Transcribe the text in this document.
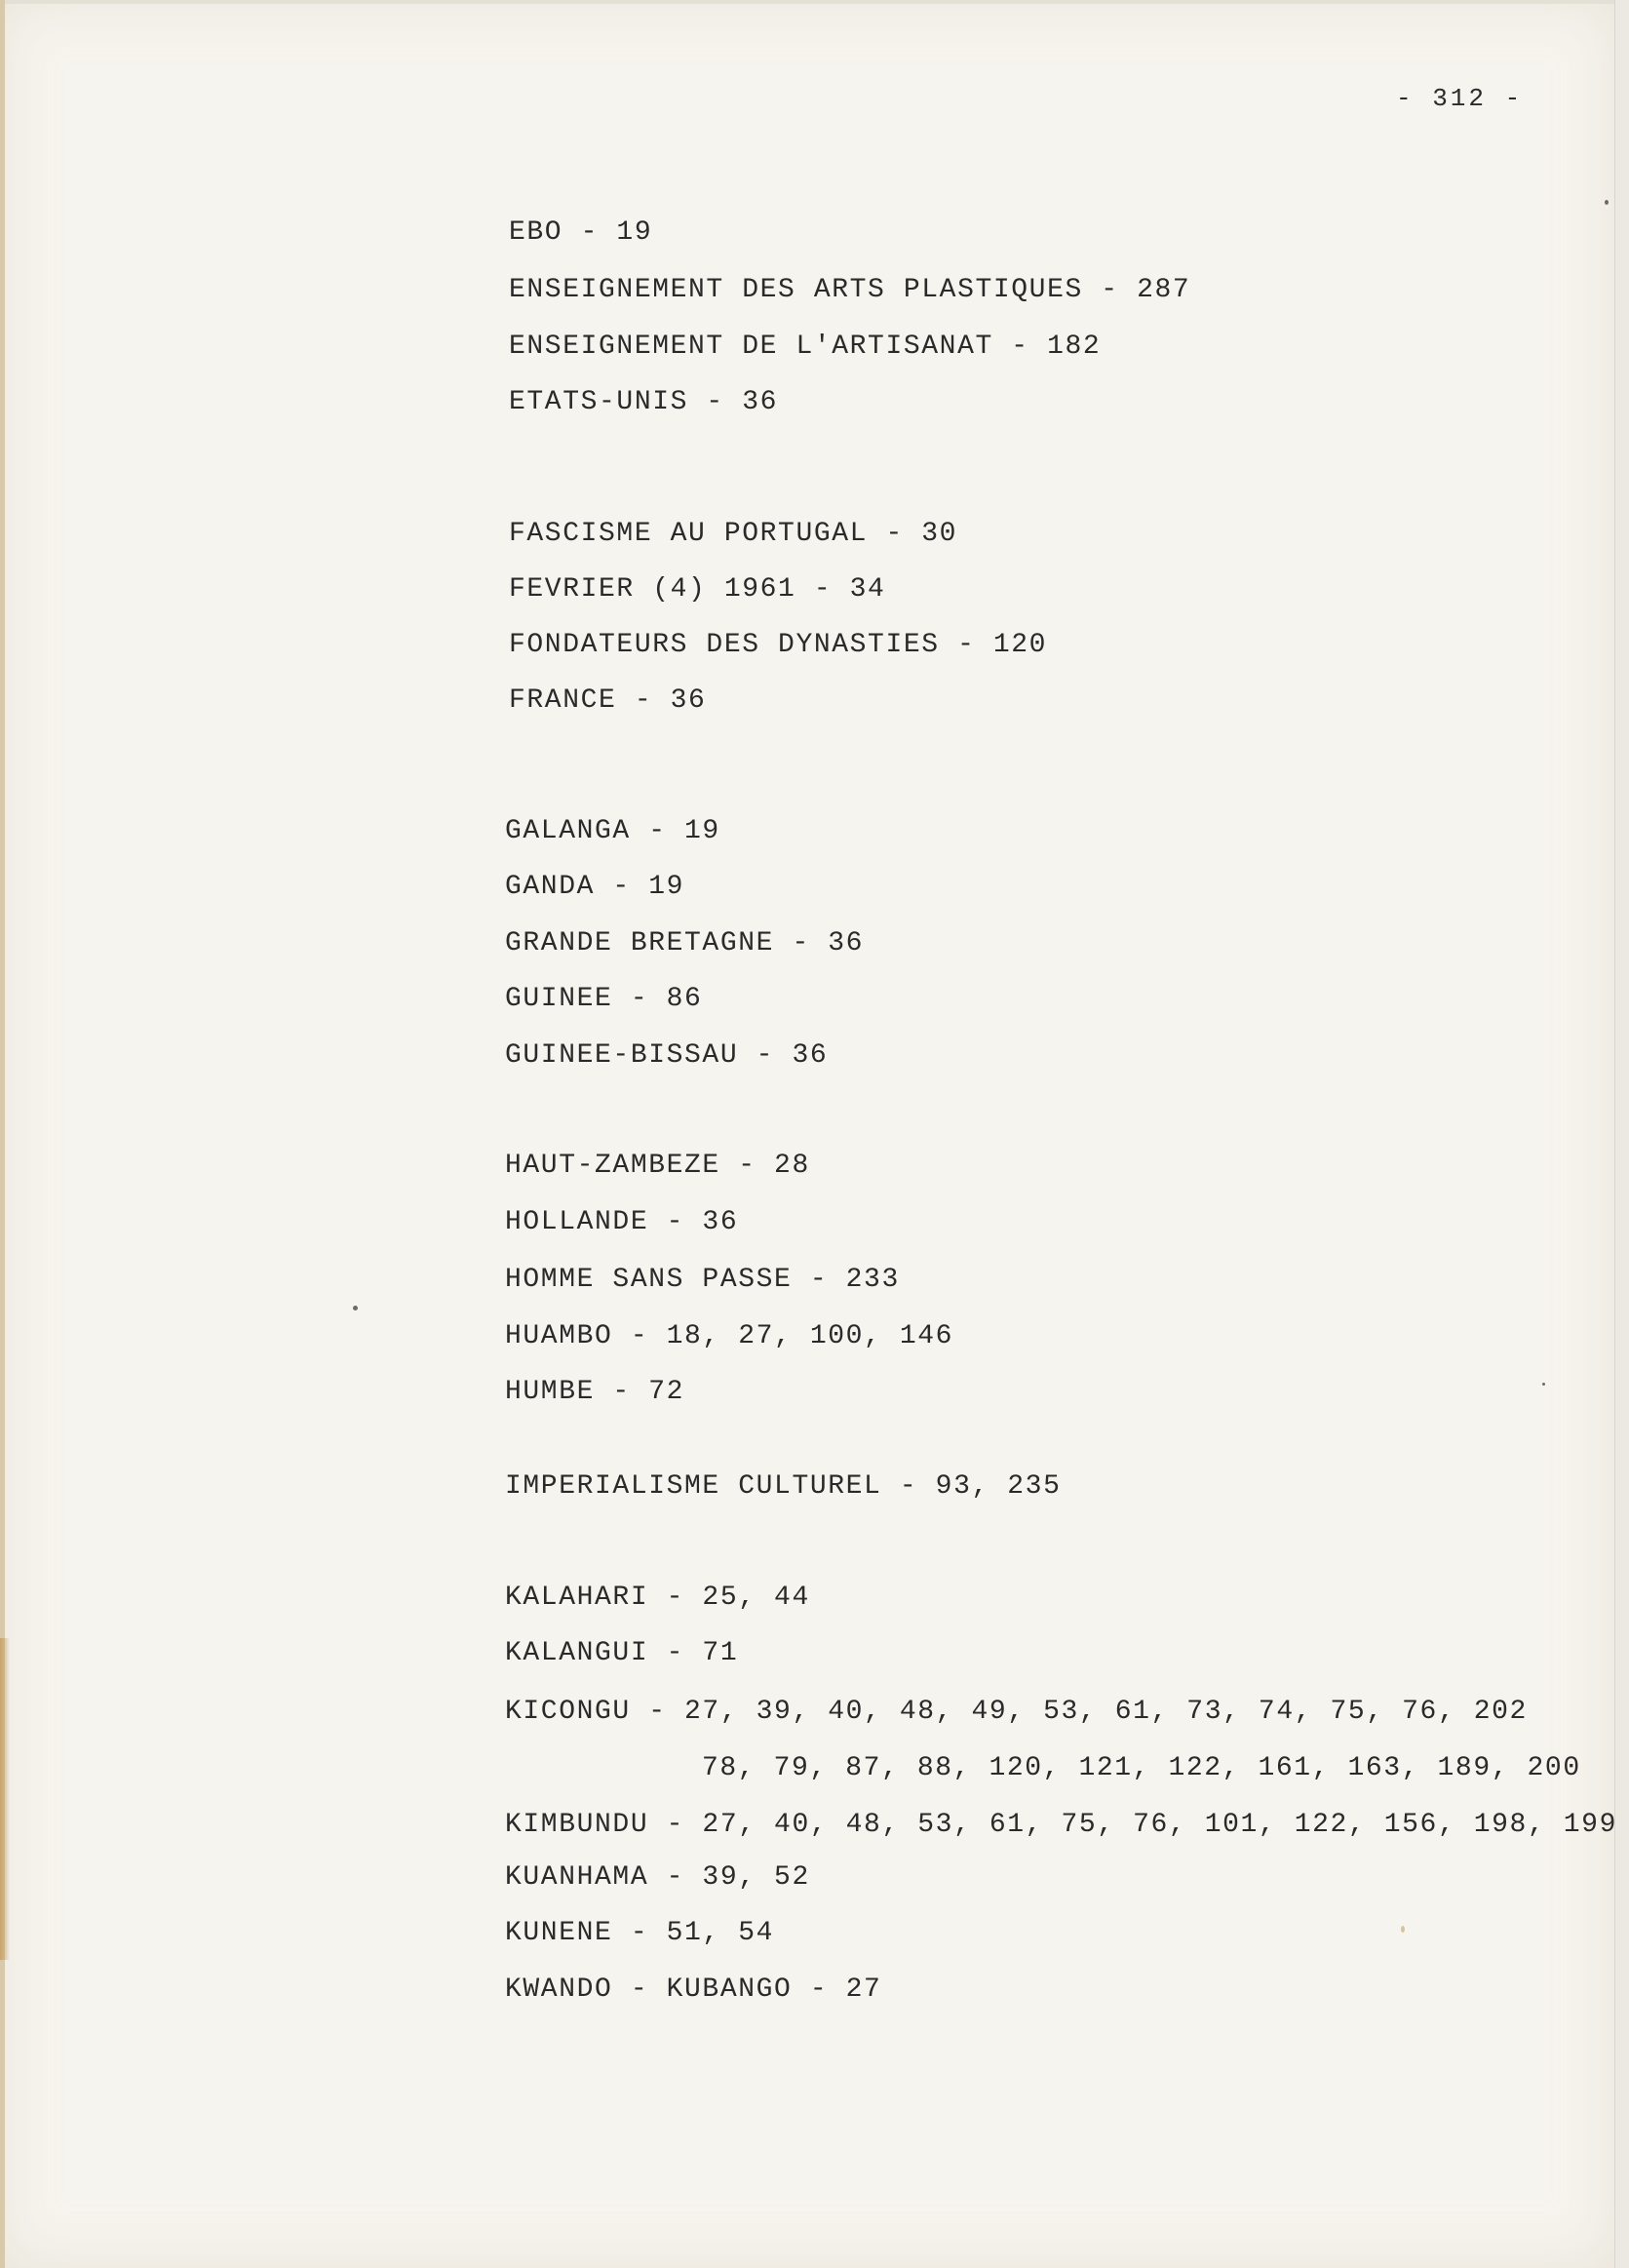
- 312 -
EBO - 19
ENSEIGNEMENT DES ARTS PLASTIQUES - 287
ENSEIGNEMENT DE L'ARTISANAT - 182
ETATS-UNIS - 36
FASCISME AU PORTUGAL - 30
FEVRIER (4) 1961 - 34
FONDATEURS DES DYNASTIES - 120
FRANCE - 36
GALANGA - 19
GANDA - 19
GRANDE BRETAGNE - 36
GUINEE - 86
GUINEE-BISSAU - 36
HAUT-ZAMBEZE - 28
HOLLANDE - 36
HOMME SANS PASSE - 233
HUAMBO - 18, 27, 100, 146
HUMBE - 72
IMPERIALISME CULTUREL - 93, 235
KALAHARI - 25, 44
KALANGUI - 71
KICONGU - 27, 39, 40, 48, 49, 53, 61, 73, 74, 75, 76, 202
78, 79, 87, 88, 120, 121, 122, 161, 163, 189, 200
KIMBUNDU - 27, 40, 48, 53, 61, 75, 76, 101, 122, 156, 198, 199
KUANHAMA - 39, 52
KUNENE - 51, 54
KWANDO - KUBANGO - 27
